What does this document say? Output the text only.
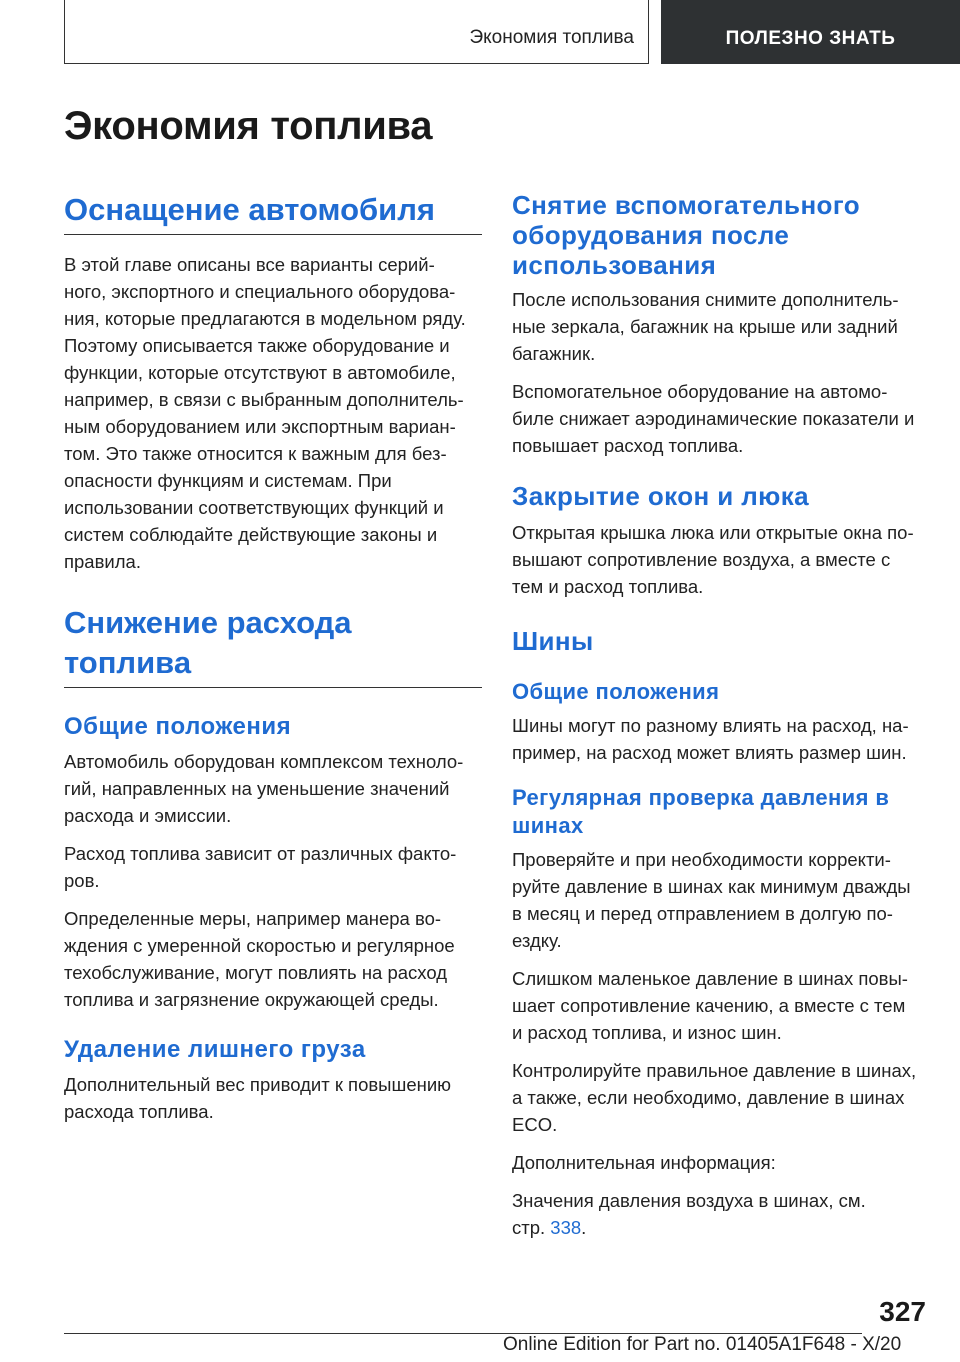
Экономия топлива	ПОЛЕЗНО ЗНАТЬ
Экономия топлива
Оснащение автомобиля
В этой главе описаны все варианты серий-
ного, экспортного и специального оборудова-
ния, которые предлагаются в модельном ряду.
Поэтому описывается также оборудование и
функции, которые отсутствуют в автомобиле,
например, в связи с выбранным дополнитель-
ным оборудованием или экспортным вариан-
том. Это также относится к важным для без-
опасности функциям и системам. При
использовании соответствующих функций и
систем соблюдайте действующие законы и
правила.
Снижение расхода
топлива
Общие положения
Автомобиль оборудован комплексом техноло-
гий, направленных на уменьшение значений
расхода и эмиссии.
Расход топлива зависит от различных факто-
ров.
Определенные меры, например манера во-
ждения с умеренной скоростью и регулярное
техобслуживание, могут повлиять на расход
топлива и загрязнение окружающей среды.
Удаление лишнего груза
Дополнительный вес приводит к повышению
расхода топлива.
Снятие вспомогательного
оборудования после
использования
После использования снимите дополнитель-
ные зеркала, багажник на крыше или задний
багажник.
Вспомогательное оборудование на автомо-
биле снижает аэродинамические показатели и
повышает расход топлива.
Закрытие окон и люка
Открытая крышка люка или открытые окна по-
вышают сопротивление воздуха, а вместе с
тем и расход топлива.
Шины
Общие положения
Шины могут по разному влиять на расход, на-
пример, на расход может влиять размер шин.
Регулярная проверка давления в
шинах
Проверяйте и при необходимости корректи-
руйте давление в шинах как минимум дважды
в месяц и перед отправлением в долгую по-
ездку.
Слишком маленькое давление в шинах повы-
шает сопротивление качению, а вместе с тем
и расход топлива, и износ шин.
Контролируйте правильное давление в шинах,
а также, если необходимо, давление в шинах
ECO.
Дополнительная информация:
Значения давления воздуха в шинах, см.
стр. 338.
327
Online Edition for Part no. 01405A1F648 - X/20
